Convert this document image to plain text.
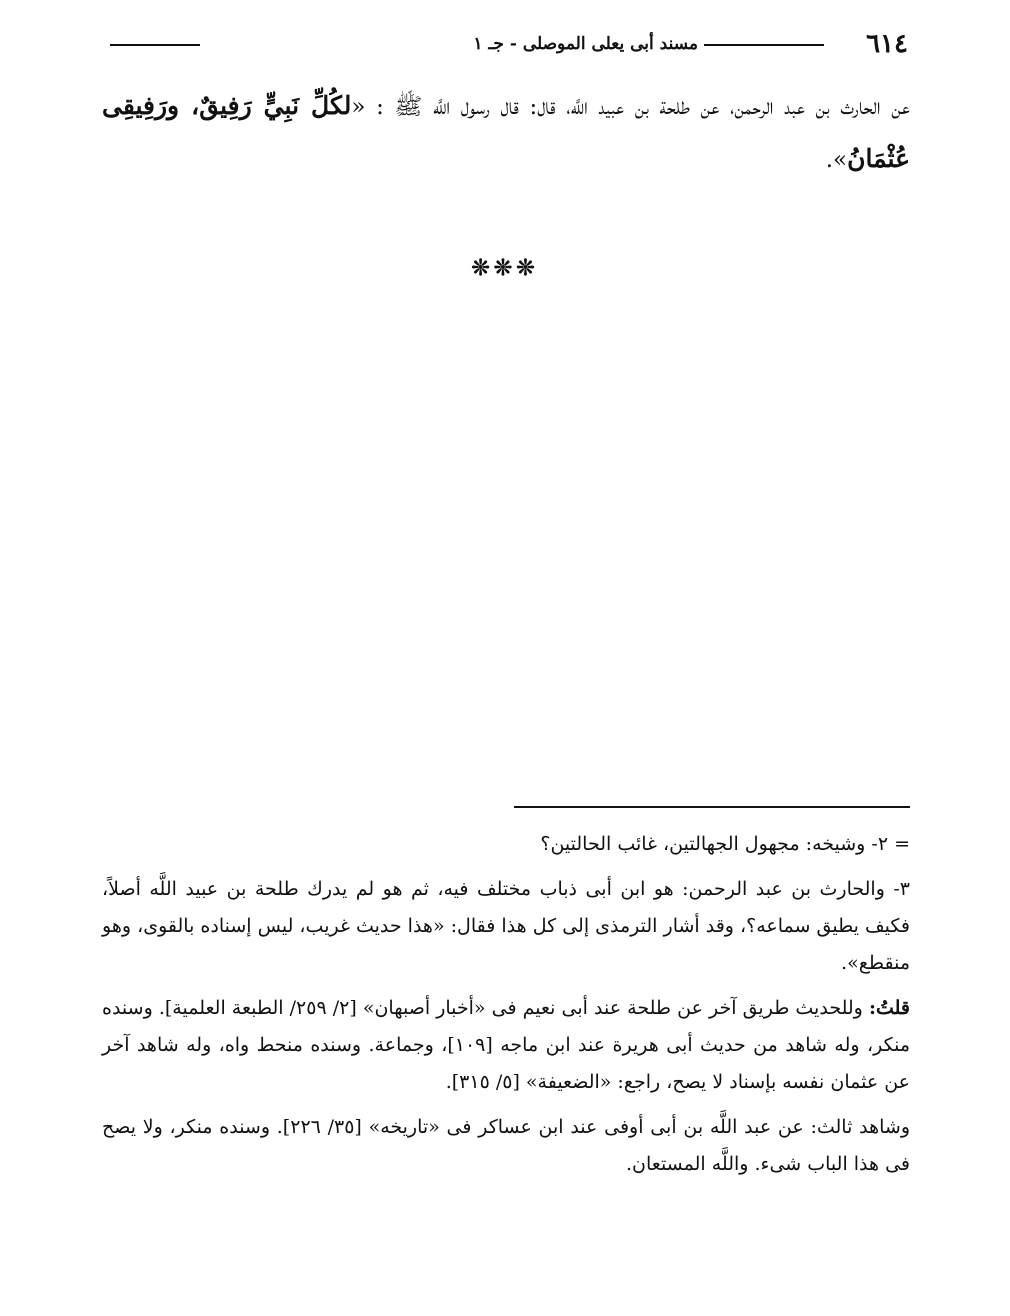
٦١٤
مسند أبى يعلى الموصلى - جـ ١
عن الحارث بن عبد الرحمن، عن طلحة بن عبيد اللَّه، قال: قال رسول اللَّه ﷺ : «لكُلِّ نَبِيٍّ رَفِيقٌ، ورَفِيقِى عُثْمَانُ».
❊❊❊

= ٢- وشيخه: مجهول الجهالتين، غائب الحالتين؟

٣- والحارث بن عبد الرحمن: هو ابن أبى ذباب مختلف فيه، ثم هو لم يدرك طلحة بن عبيد اللَّه أصلاً، فكيف يطيق سماعه؟، وقد أشار الترمذى إلى كل هذا فقال: «هذا حديث غريب، ليس إسناده بالقوى، وهو منقطع».

قلتُ: وللحديث طريق آخر عن طلحة عند أبى نعيم فى «أخبار أصبهان» [٢/ ٢٥٩/ الطبعة العلمية]. وسنده منكر، وله شاهد من حديث أبى هريرة عند ابن ماجه [١٠٩]، وجماعة. وسنده منحط واه، وله شاهد آخر عن عثمان نفسه بإسناد لا يصح، راجع: «الضعيفة» [٥/ ٣١٥].

وشاهد ثالث: عن عبد اللَّه بن أبى أوفى عند ابن عساكر فى «تاريخه» [٣٥/ ٢٢٦]. وسنده منكر، ولا يصح فى هذا الباب شىء. واللَّه المستعان.
